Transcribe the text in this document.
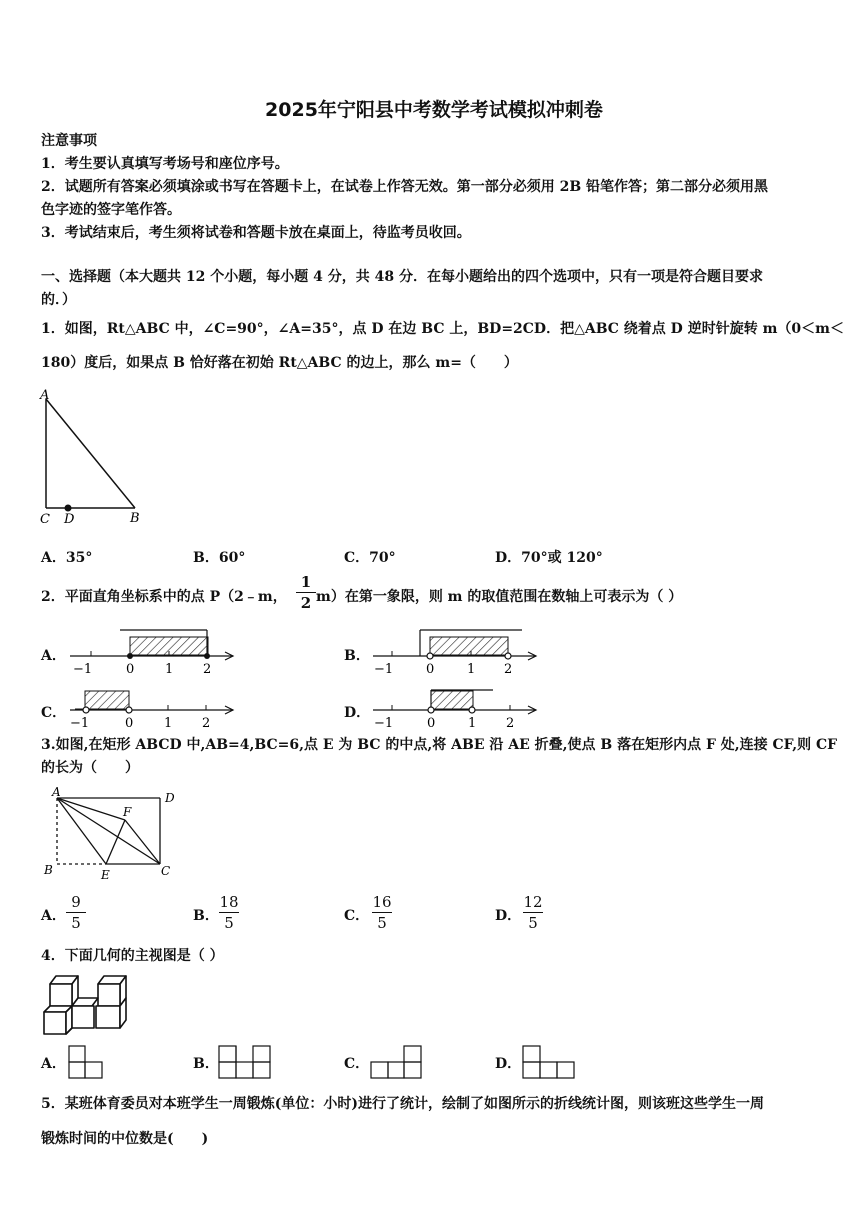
2025年宁阳县中考数学考试模拟冲刺卷
注意事项
1．考生要认真填写考场号和座位序号。
2．试题所有答案必须填涂或书写在答题卡上，在试卷上作答无效。第一部分必须用 2B 铅笔作答；第二部分必须用黑
色字迹的签字笔作答。
3．考试结束后，考生须将试卷和答题卡放在桌面上，待监考员收回。
一、选择题（本大题共 12 个小题，每小题 4 分，共 48 分．在每小题给出的四个选项中，只有一项是符合题目要求
的．）
1．如图，Rt△ABC 中，∠C=90°，∠A=35°，点 D 在边 BC 上，BD=2CD．把△ABC 绕着点 D 逆时针旋转 m（0＜m＜
180）度后，如果点 B 恰好落在初始 Rt△ABC 的边上，那么 m=（　　）
A
C D	B
A．35°	B．60°	C．70°	D．70°或 120°
2．平面直角坐标系中的点 P（2﹣m，
1
2 m）在第一象限，则 m 的取值范围在数轴上可表示为（ ）
A．
−1	0 1 2
B．
−1	0	1 2
C．
−1	0 1 2
D．
−1	0	1 2
3.如图,在矩形 ABCD 中,AB=4,BC=6,点 E 为 BC 的中点,将 ABE 沿 AE 折叠,使点 B 落在矩形内点 F 处,连接 CF,则 CF
的长为（　　）
A	D
F
B	E	C
A．
9
5	B．
18
5	C．
16
5	D．
12
5
4．下面几何的主视图是（ ）
A．	B．	C．	D．
5．某班体育委员对本班学生一周锻炼(单位：小时)进行了统计，绘制了如图所示的折线统计图，则该班这些学生一周
锻炼时间的中位数是(　　)
